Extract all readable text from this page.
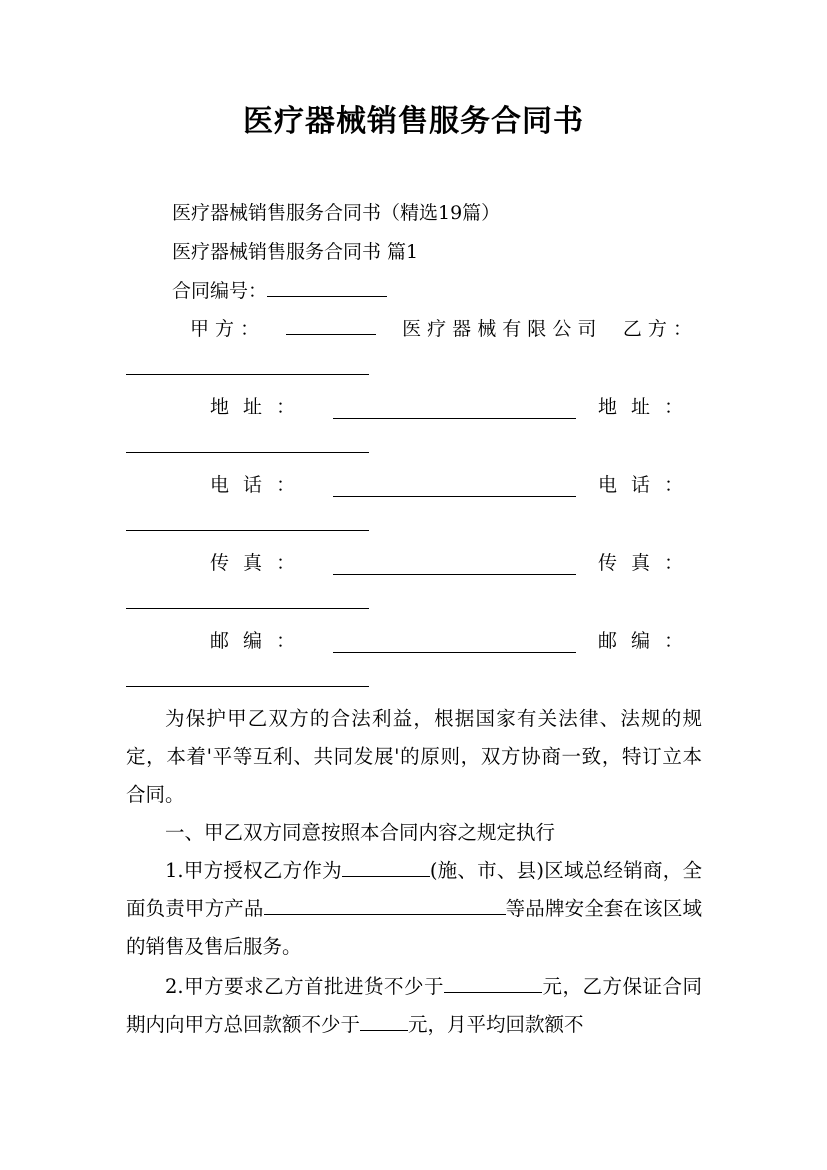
医疗器械销售服务合同书
医疗器械销售服务合同书（精选19篇）
医疗器械销售服务合同书 篇1
合同编号：
甲 方 ：	医 疗 器 械 有 限 公 司 乙 方 ：
地 址 ：	地 址 ：
电 话 ：	电 话 ：
传 真 ：	传 真 ：
邮 编 ：	邮 编 ：
为保护甲乙双方的合法利益，根据国家有关法律、法规的规定，本着'平等互利、共同发展'的原则，双方协商一致，特订立本合同。
一、甲乙双方同意按照本合同内容之规定执行
1.甲方授权乙方作为	(施、市、县)区域总经销商，全面负责甲方产品	等品牌安全套在该区域的销售及售后服务。
2.甲方要求乙方首批进货不少于	元，乙方保证合同期内向甲方总回款额不少于 元，月平均回款额不
